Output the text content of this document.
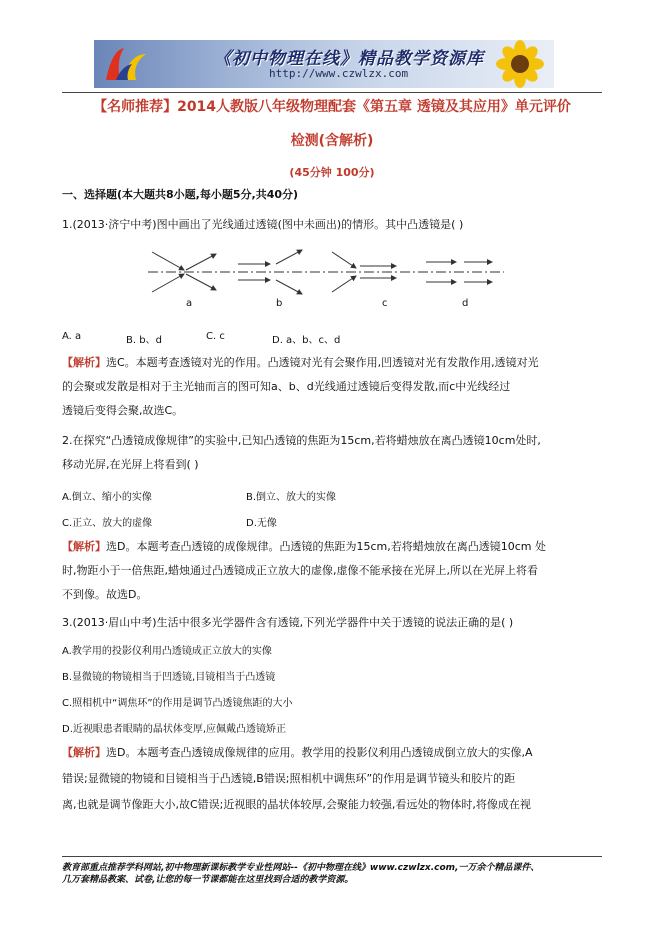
《初中物理在线》精品教学资源库
http://www.czwlzx.com
【名师推荐】2014人教版八年级物理配套《第五章 透镜及其应用》单元评价
检测(含解析)
(45分钟 100分)
一、选择题(本大题共8小题,每小题5分,共40分)
1.(2013·济宁中考)图中画出了光线通过透镜(图中未画出)的情形。其中凸透镜是( )
a	b	c	d
A. a	B. b、d	C. c	D. a、b、c、d
【解析】选C。本题考查透镜对光的作用。凸透镜对光有会聚作用,凹透镜对光有发散作用,透镜对光
的会聚或发散是相对于主光轴而言的图可知a、b、d光线通过透镜后变得发散,而c中光线经过
透镜后变得会聚,故选C。
2.在探究“凸透镜成像规律”的实验中,已知凸透镜的焦距为15cm,若将蜡烛放在离凸透镜10cm处时,
移动光屏,在光屏上将看到( )
A.倒立、缩小的实像	B.倒立、放大的实像
C.正立、放大的虚像	D.无像
【解析】选D。本题考查凸透镜的成像规律。凸透镜的焦距为15cm,若将蜡烛放在离凸透镜10cm 处
时,物距小于一倍焦距,蜡烛通过凸透镜成正立放大的虚像,虚像不能承接在光屏上,所以在光屏上将看
不到像。故选D。
3.(2013·眉山中考)生活中很多光学器件含有透镜,下列光学器件中关于透镜的说法正确的是( )
A.教学用的投影仪利用凸透镜成正立放大的实像
B.显微镜的物镜相当于凹透镜,目镜相当于凸透镜
C.照相机中“调焦环”的作用是调节凸透镜焦距的大小
D.近视眼患者眼睛的晶状体变厚,应佩戴凸透镜矫正
【解析】选D。本题考查凸透镜成像规律的应用。教学用的投影仪利用凸透镜成倒立放大的实像,A
错误;显微镜的物镜和目镜相当于凸透镜,B错误;照相机中调焦环”的作用是调节镜头和胶片的距
离,也就是调节像距大小,故C错误;近视眼的晶状体较厚,会聚能力较强,看远处的物体时,将像成在视
教育部重点推荐学科网站,初中物理新课标教学专业性网站--《初中物理在线》www.czwlzx.com,一万余个精品课件、
几万套精品教案、试卷,让您的每一节课都能在这里找到合适的教学资源。
